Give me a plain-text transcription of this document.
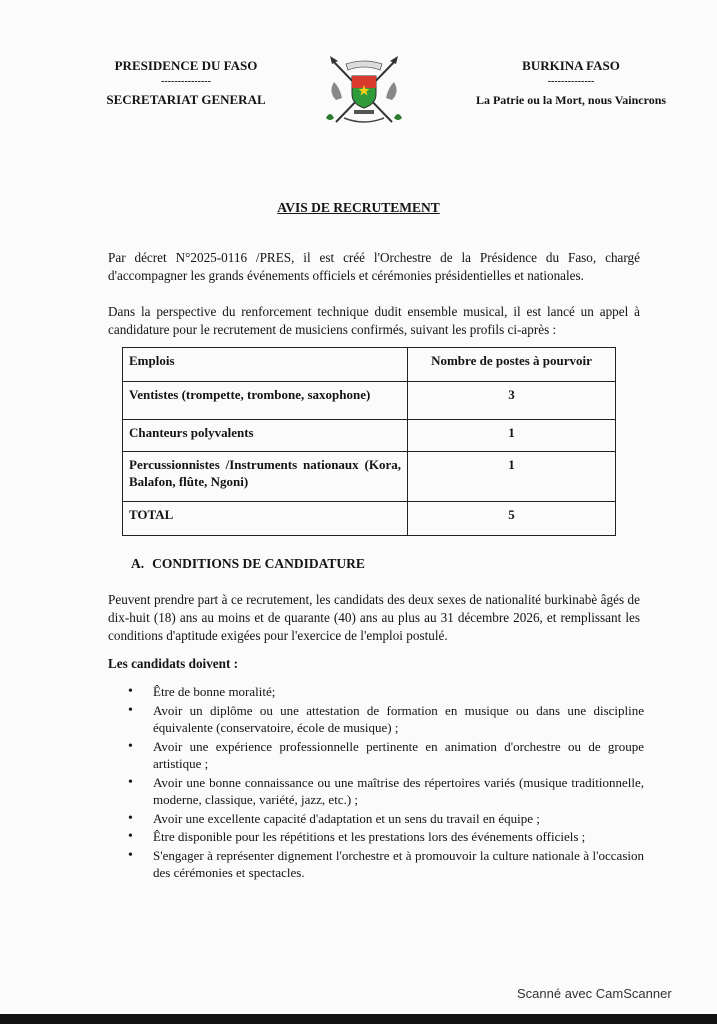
PRESIDENCE DU FASO
---------------
SECRETARIAT GENERAL
BURKINA FASO
--------------
La Patrie ou la Mort, nous Vaincrons
AVIS DE RECRUTEMENT
Par décret N°2025-0116 /PRES, il est créé l'Orchestre de la Présidence du Faso, chargé d'accompagner les grands événements officiels et cérémonies présidentielles et nationales.
Dans la perspective du renforcement technique dudit ensemble musical, il est lancé un appel à candidature pour le recrutement de musiciens confirmés, suivant les profils ci-après :
Emplois	Nombre de postes à pourvoir
Ventistes (trompette, trombone, saxophone)	3
Chanteurs polyvalents	1
Percussionnistes /Instruments nationaux (Kora, Balafon, flûte, Ngoni)	1
TOTAL	5
A. CONDITIONS DE CANDIDATURE
Peuvent prendre part à ce recrutement, les candidats des deux sexes de nationalité burkinabè âgés de dix-huit (18) ans au moins et de quarante (40) ans au plus au 31 décembre 2026, et remplissant les conditions d'aptitude exigées pour l'exercice de l'emploi postulé.
Les candidats doivent :
• Être de bonne moralité;
• Avoir un diplôme ou une attestation de formation en musique ou dans une discipline équivalente (conservatoire, école de musique) ;
• Avoir une expérience professionnelle pertinente en animation d'orchestre ou de groupe artistique ;
• Avoir une bonne connaissance ou une maîtrise des répertoires variés (musique traditionnelle, moderne, classique, variété, jazz, etc.) ;
• Avoir une excellente capacité d'adaptation et un sens du travail en équipe ;
• Être disponible pour les répétitions et les prestations lors des événements officiels ;
• S'engager à représenter dignement l'orchestre et à promouvoir la culture nationale à l'occasion des cérémonies et spectacles.
Scanné avec CamScanner
